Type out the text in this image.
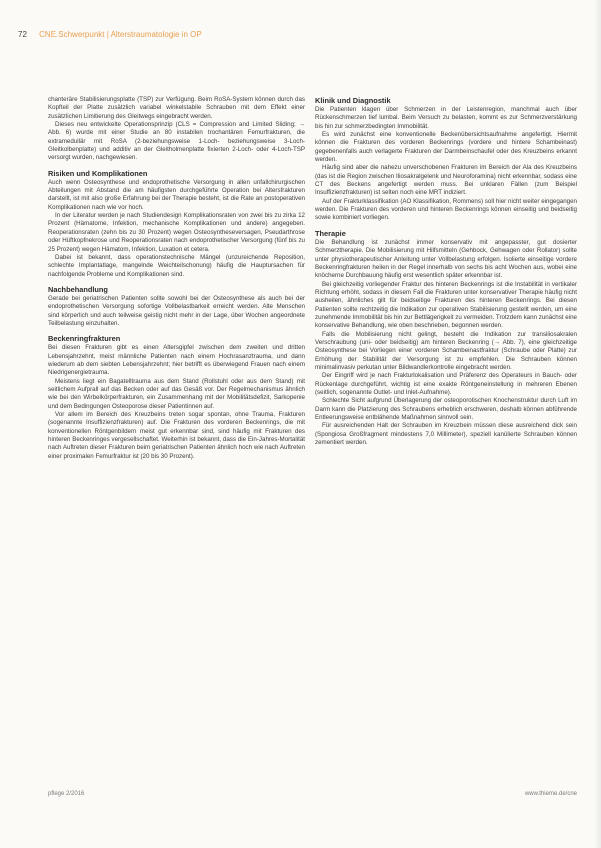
72 CNE.Schwerpunkt | Alterstraumatologie in OP

chanteräre Stabilisierungsplatte (TSP) zur Verfügung. Beim RoSA-System können durch das Kopfteil der Platte zusätzlich variabel winkelstabile Schrauben mit dem Effekt einer zusätzlichen Limitierung des Gleitwegs eingebracht werden.

Dieses neu entwickelte Operationsprinzip (CLS = Compression and Limited Sliding; → Abb. 6) wurde mit einer Studie an 80 instabilen trochantären Femurfrakturen, die extramedullär mit RoSA (2-beziehungsweise 1-Loch- beziehungsweise 3-Loch-Gleitkolbenplatte) und additiv an der Gleitholmenplatte fixierten 2-Loch- oder 4-Loch-TSP versorgt wurden, nachgewiesen.

Risiken und Komplikationen

Auch wenn Osteosynthese und endoprothetische Versorgung in allen unfallchirurgischen Abteilungen mit Abstand die am häufigsten durchgeführte Operation bei Altersfrakturen darstellt, ist mit also große Erfahrung bei der Therapie besteht, ist die Rate an postoperativen Komplikationen nach wie vor hoch.

In der Literatur werden je nach Studiendesign Komplikationsraten von zwei bis zu zirka 12 Prozent (Hämatome, Infektion, mechanische Komplikationen und andere) angegeben. Reoperationsraten (zehn bis zu 30 Prozent) wegen Osteosyntheseversagen, Pseudarthrose oder Hüftkopfnekrose und Reoperationsraten nach endoprothetischer Versorgung (fünf bis zu 25 Prozent) wegen Hämatom, Infektion, Luxation et cetera.

Dabei ist bekannt, dass operationstechnische Mängel (unzureichende Reposition, schlechte Implantatlage, mangelnde Weichteilschonung) häufig die Hauptursachen für nachfolgende Probleme und Komplikationen sind.

Nachbehandlung

Gerade bei geriatrischen Patienten sollte sowohl bei der Osteosynthese als auch bei der endoprothetischen Versorgung sofortige Vollbelastbarkeit erreicht werden. Alte Menschen sind körperlich und auch teilweise geistig nicht mehr in der Lage, über Wochen angeordnete Teilbelastung einzuhalten.

Beckenringfrakturen

Bei diesen Frakturen gibt es einen Altersgipfel zwischen dem zweiten und dritten Lebensjahrzehnt, meist männliche Patienten nach einem Hochrasanztrauma, und dann wiederum ab dem siebten Lebensjahrzehnt; hier betrifft es überwiegend Frauen nach einem Niedrigenergietrauma.

Meistens liegt ein Bagatelltrauma aus dem Stand (Rollstuhl oder aus dem Stand) mit seitlichem Aufprall auf das Becken oder auf das Gesäß vor. Der Regelmechanismus ähnlich wie bei den Wirbelkörperfrakturen, ein Zusammenhang mit der Mobilitätsdefizit, Sarkopenie und dem Bedingungen Osteoporose dieser Patientinnen auf.

Vor allem im Bereich des Kreuzbeins treten sogar spontan, ohne Trauma, Frakturen (sogenannte Insuffizienzfrakturen) auf. Die Frakturen des vorderen Beckenrings, die mit konventionellen Röntgenbildern meist gut erkennbar sind, sind häufig mit Frakturen des hinteren Beckenringes vergesellschaftet. Weiterhin ist bekannt, dass die Ein-Jahres-Mortalität nach Auftreten dieser Frakturen beim geriatrischen Patienten ähnlich hoch wie nach Auftreten einer proximalen Femurfraktur ist (20 bis 30 Prozent).

Klinik und Diagnostik

Die Patienten klagen über Schmerzen in der Leistenregion, manchmal auch über Rückenschmerzen tief lumbal. Beim Versuch zu belasten, kommt es zur Schmerzverstärkung bis hin zur schmerzbedingten Immobilität.

Es wird zunächst eine konventionelle Beckenübersichtsaufnahme angefertigt. Hiermit können die Frakturen des vorderen Beckenrings (vordere und hintere Schambeinast) gegebenenfalls auch verlagerte Frakturen der Darmbeinschaufel oder des Kreuzbeins erkannt werden.

Häufig sind aber die nahezu unverschobenen Frakturen im Bereich der Ala des Kreuzbeins (das ist die Region zwischen Iliosakralgelenk und Neuroforamina) nicht erkennbar, sodass eine CT des Beckens angefertigt werden muss. Bei unklaren Fällen (zum Beispiel Insuffizienzfrakturen) ist selten noch eine MRT indiziert.

Auf der Frakturklassifikation (AO Klassifikation, Rommens) soll hier nicht weiter eingegangen werden. Die Frakturen des vorderen und hinteren Beckenrings können einseitig und beidseitig sowie kombiniert vorliegen.

Therapie

Die Behandlung ist zunächst immer konservativ mit angepasster, gut dosierter Schmerztherapie. Die Mobilisierung mit Hilfsmitteln (Gehbock, Gehwagen oder Rollator) sollte unter physiotherapeutischer Anleitung unter Vollbelastung erfolgen. Isolierte einseitige vordere Beckenringfrakturen heilen in der Regel innerhalb von sechs bis acht Wochen aus, wobei eine knöcherne Durchbauung häufig erst wesentlich später erkennbar ist.

Bei gleichzeitig vorliegender Fraktur des hinteren Beckenrings ist die Instabilität in vertikaler Richtung erhöht, sodass in diesem Fall die Frakturen unter konservativer Therapie häufig nicht ausheilen, ähnliches gilt für beidseitige Frakturen des hinteren Beckenrings. Bei diesen Patienten sollte rechtzeitig die Indikation zur operativen Stabilisierung gestellt werden, um eine zunehmende Immobilität bis hin zur Bettlägerigkeit zu vermeiden. Trotzdem kann zunächst eine konservative Behandlung, wie oben beschrieben, begonnen werden.

Falls die Mobilisierung nicht gelingt, besteht die Indikation zur transiliosakralen Verschraubung (uni- oder beidseitig) am hinteren Beckenring (→ Abb. 7), eine gleichzeitige Osteosynthese bei Vorliegen einer vorderen Schambeinastfraktur (Schraube oder Platte) zur Erhöhung der Stabilität der Versorgung ist zu empfehlen. Die Schrauben können minimalinvasiv perkutan unter Bildwandlerkontrolle eingebracht werden.

Der Eingriff wird je nach Frakturlokalisation und Präferenz des Operateurs in Bauch- oder Rückenlage durchgeführt, wichtig ist eine exakte Röntgeneinstellung in mehreren Ebenen (seitlich, sogenannte Outlet- und Inlet-Aufnahme).

Schlechte Sicht aufgrund Überlagerung der osteoporotischen Knochenstruktur durch Luft im Darm kann die Platzierung des Schraubens erheblich erschweren, deshalb können abführende Entleerungsweise entblähende Maßnahmen sinnvoll sein.

Für ausreichenden Halt der Schrauben im Kreuzbein müssen diese ausreichend dick sein (Spongiosa Großfragment mindestens 7,0 Millimeter), speziell kanülierte Schrauben können zementiert werden.

pflege 2/2016	www.thieme.de/cne
